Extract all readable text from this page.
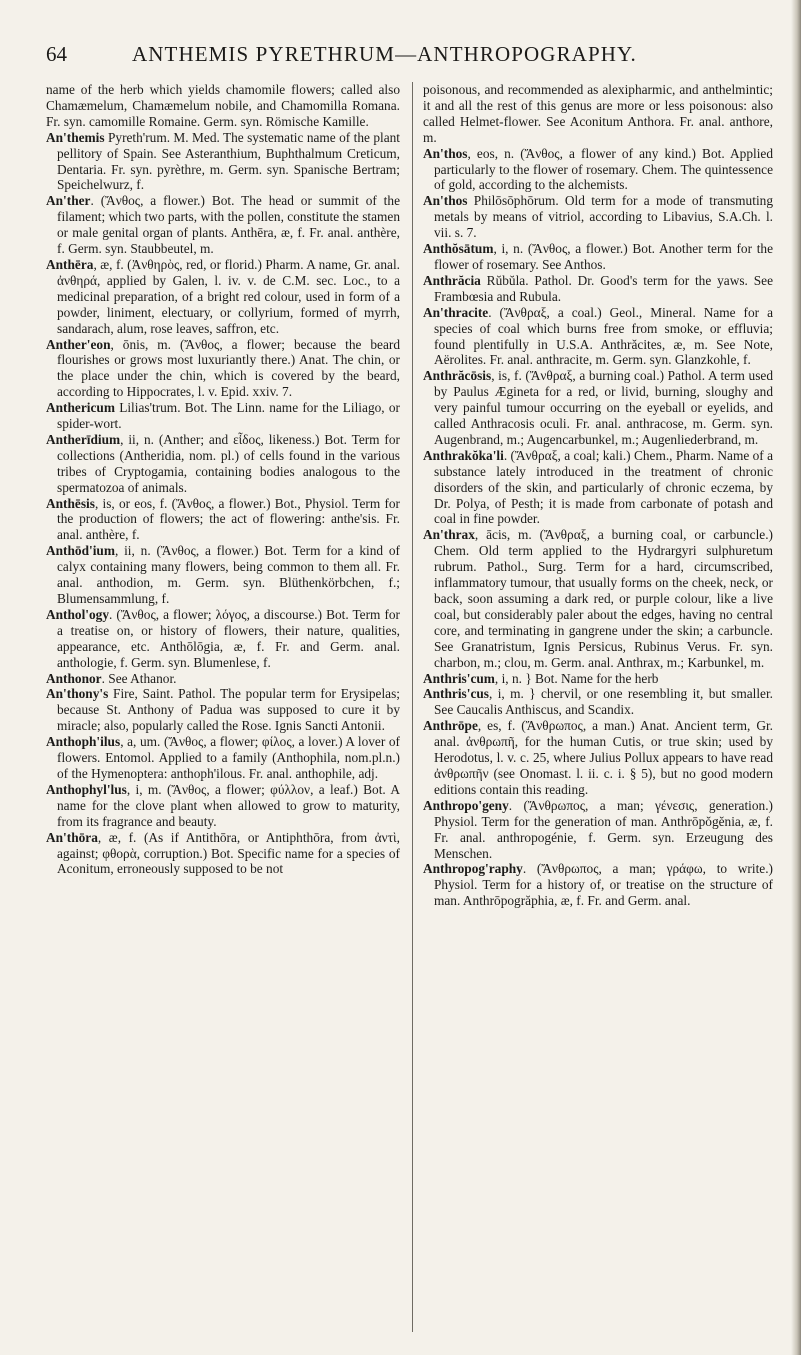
64	ANTHEMIS PYRETHRUM—ANTHROPOGRAPHY.

name of the herb which yields chamomile flowers; called also Chamæmelum, Chamæmelum nobile, and Chamomilla Romana. Fr. syn. camomille Romaine. Germ. syn. Römische Kamille.

An'themis Pyreth'rum. M. Med. The systematic name of the plant pellitory of Spain. See Asteranthium, Buphthalmum Creticum, Dentaria. Fr. syn. pyrèthre, m. Germ. syn. Spanische Bertram; Speichelwurz, f.

An'ther. (Ἄνθος, a flower.) Bot. The head or summit of the filament; which two parts, with the pollen, constitute the stamen or male genital organ of plants. Anthēra, æ, f. Fr. anal. anthère, f. Germ. syn. Staubbeutel, m.

Anthēra, æ, f. (Ἀνθηρὸς, red, or florid.) Pharm. A name, Gr. anal. ἀνθηρά, applied by Galen, l. iv. v. de C.M. sec. Loc., to a medicinal preparation, of a bright red colour, used in form of a powder, liniment, electuary, or collyrium, formed of myrrh, sandarach, alum, rose leaves, saffron, etc.

Anther'eon, ōnis, m. (Ἄνθος, a flower; because the beard flourishes or grows most luxuriantly there.) Anat. The chin, or the place under the chin, which is covered by the beard, according to Hippocrates, l. v. Epid. xxiv. 7.

Anthericum Lilias'trum. Bot. The Linn. name for the Liliago, or spider-wort.

Antherīdium, ii, n. (Anther; and εἶδος, likeness.) Bot. Term for collections (Antheridia, nom. pl.) of cells found in the various tribes of Cryptogamia, containing bodies analogous to the spermatozoa of animals.

Anthēsis, is, or eos, f. (Ἄνθος, a flower.) Bot., Physiol. Term for the production of flowers; the act of flowering: anthe'sis. Fr. anal. anthère, f.

Anthōd'ium, ii, n. (Ἄνθος, a flower.) Bot. Term for a kind of calyx containing many flowers, being common to them all. Fr. anal. anthodion, m. Germ. syn. Blüthenkörbchen, f.; Blumensammlung, f.

Anthol'ogy. (Ἄνθος, a flower; λόγος, a discourse.) Bot. Term for a treatise on, or history of flowers, their nature, qualities, appearance, etc. Anthōlōgia, æ, f. Fr. and Germ. anal. anthologie, f. Germ. syn. Blumenlese, f.

Anthonor. See Athanor.

An'thony's Fire, Saint. Pathol. The popular term for Erysipelas; because St. Anthony of Padua was supposed to cure it by miracle; also, popularly called the Rose. Ignis Sancti Antonii.

Anthoph'ilus, a, um. (Ἄνθος, a flower; φίλος, a lover.) A lover of flowers. Entomol. Applied to a family (Anthophila, nom.pl.n.) of the Hymenoptera: anthoph'ilous. Fr. anal. anthophile, adj.

Anthophyl'lus, i, m. (Ἄνθος, a flower; φύλλον, a leaf.) Bot. A name for the clove plant when allowed to grow to maturity, from its fragrance and beauty.

An'thōra, æ, f. (As if Antithōra, or Antiphthōra, from ἀντὶ, against; φθορὰ, corruption.) Bot. Specific name for a species of Aconitum, erroneously supposed to be not

poisonous, and recommended as alexipharmic, and anthelmintic; it and all the rest of this genus are more or less poisonous: also called Helmet-flower. See Aconitum Anthora. Fr. anal. anthore, m.

An'thos, eos, n. (Ἄνθος, a flower of any kind.) Bot. Applied particularly to the flower of rosemary. Chem. The quintessence of gold, according to the alchemists.

An'thos Philōsōphōrum. Old term for a mode of transmuting metals by means of vitriol, according to Libavius, S.A.Ch. l. vii. s. 7.

Anthŏsātum, i, n. (Ἄνθος, a flower.) Bot. Another term for the flower of rosemary. See Anthos.

Anthrăcia Rŭbŭla. Pathol. Dr. Good's term for the yaws. See Frambœsia and Rubula.

An'thracite. (Ἄνθραξ, a coal.) Geol., Mineral. Name for a species of coal which burns free from smoke, or effluvia; found plentifully in U.S.A. Anthrăcites, æ, m. See Note, Aërolites. Fr. anal. anthracite, m. Germ. syn. Glanzkohle, f.

Anthrăcōsis, is, f. (Ἄνθραξ, a burning coal.) Pathol. A term used by Paulus Ægineta for a red, or livid, burning, sloughy and very painful tumour occurring on the eyeball or eyelids, and called Anthracosis oculi. Fr. anal. anthracose, m. Germ. syn. Augenbrand, m.; Augencarbunkel, m.; Augenliederbrand, m.

Anthrakŏka'li. (Ἄνθραξ, a coal; kali.) Chem., Pharm. Name of a substance lately introduced in the treatment of chronic disorders of the skin, and particularly of chronic eczema, by Dr. Polya, of Pesth; it is made from carbonate of potash and coal in fine powder.

An'thrax, ācis, m. (Ἄνθραξ, a burning coal, or carbuncle.) Chem. Old term applied to the Hydrargyri sulphuretum rubrum. Pathol., Surg. Term for a hard, circumscribed, inflammatory tumour, that usually forms on the cheek, neck, or back, soon assuming a dark red, or purple colour, like a live coal, but considerably paler about the edges, having no central core, and terminating in gangrene under the skin; a carbuncle. See Granatristum, Ignis Persicus, Rubinus Verus. Fr. syn. charbon, m.; clou, m. Germ. anal. Anthrax, m.; Karbunkel, m.

Anthris'cum, i, n. } Bot. Name for the herb

Anthris'cus, i, m. } chervil, or one resembling it, but smaller. See Caucalis Anthiscus, and Scandix.

Anthrōpe, es, f. (Ἄνθρωπος, a man.) Anat. Ancient term, Gr. anal. ἀνθρωπῆ, for the human Cutis, or true skin; used by Herodotus, l. v. c. 25, where Julius Pollux appears to have read ἀνθρωπῆν (see Onomast. l. ii. c. i. § 5), but no good modern editions contain this reading.

Anthropo'geny. (Ἄνθρωπος, a man; γένεσις, generation.) Physiol. Term for the generation of man. Anthrōpŏgĕnia, æ, f. Fr. anal. anthropogénie, f. Germ. syn. Erzeugung des Menschen.

Anthropog'raphy. (Ἄνθρωπος, a man; γράφω, to write.) Physiol. Term for a history of, or treatise on the structure of man. Anthrōpogrăphia, æ, f. Fr. and Germ. anal.
